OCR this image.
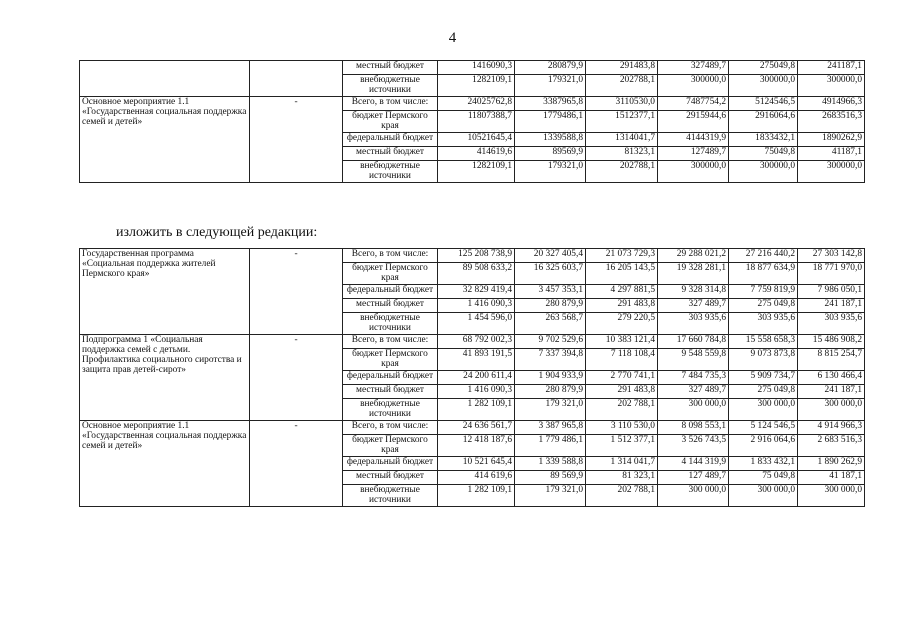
4
		местный бюджет	1416090,3	280879,9	291483,8	327489,7	275049,8	241187,1
		внебюджетные источники	1282109,1	179321,0	202788,1	300000,0	300000,0	300000,0
Основное мероприятие 1.1 «Государственная социальная поддержка семей и детей»	-	Всего, в том числе:	24025762,8	3387965,8	3110530,0	7487754,2	5124546,5	4914966,3
		бюджет Пермского края	11807388,7	1779486,1	1512377,1	2915944,6	2916064,6	2683516,3
		федеральный бюджет	10521645,4	1339588,8	1314041,7	4144319,9	1833432,1	1890262,9
		местный бюджет	414619,6	89569,9	81323,1	127489,7	75049,8	41187,1
		внебюджетные источники	1282109,1	179321,0	202788,1	300000,0	300000,0	300000,0
изложить в следующей редакции:
Государственная программа «Социальная поддержка жителей Пермского края»	-	Всего, в том числе:	125 208 738,9	20 327 405,4	21 073 729,3	29 288 021,2	27 216 440,2	27 303 142,8
		бюджет Пермского края	89 508 633,2	16 325 603,7	16 205 143,5	19 328 281,1	18 877 634,9	18 771 970,0
		федеральный бюджет	32 829 419,4	3 457 353,1	4 297 881,5	9 328 314,8	7 759 819,9	7 986 050,1
		местный бюджет	1 416 090,3	280 879,9	291 483,8	327 489,7	275 049,8	241 187,1
		внебюджетные источники	1 454 596,0	263 568,7	279 220,5	303 935,6	303 935,6	303 935,6
Подпрограмма 1 «Социальная поддержка семей с детьми. Профилактика социального сиротства и защита прав детей-сирот»	-	Всего, в том числе:	68 792 002,3	9 702 529,6	10 383 121,4	17 660 784,8	15 558 658,3	15 486 908,2
		бюджет Пермского края	41 893 191,5	7 337 394,8	7 118 108,4	9 548 559,8	9 073 873,8	8 815 254,7
		федеральный бюджет	24 200 611,4	1 904 933,9	2 770 741,1	7 484 735,3	5 909 734,7	6 130 466,4
		местный бюджет	1 416 090,3	280 879,9	291 483,8	327 489,7	275 049,8	241 187,1
		внебюджетные источники	1 282 109,1	179 321,0	202 788,1	300 000,0	300 000,0	300 000,0
Основное мероприятие 1.1 «Государственная социальная поддержка семей и детей»	-	Всего, в том числе:	24 636 561,7	3 387 965,8	3 110 530,0	8 098 553,1	5 124 546,5	4 914 966,3
		бюджет Пермского края	12 418 187,6	1 779 486,1	1 512 377,1	3 526 743,5	2 916 064,6	2 683 516,3
		федеральный бюджет	10 521 645,4	1 339 588,8	1 314 041,7	4 144 319,9	1 833 432,1	1 890 262,9
		местный бюджет	414 619,6	89 569,9	81 323,1	127 489,7	75 049,8	41 187,1
		внебюджетные источники	1 282 109,1	179 321,0	202 788,1	300 000,0	300 000,0	300 000,0
